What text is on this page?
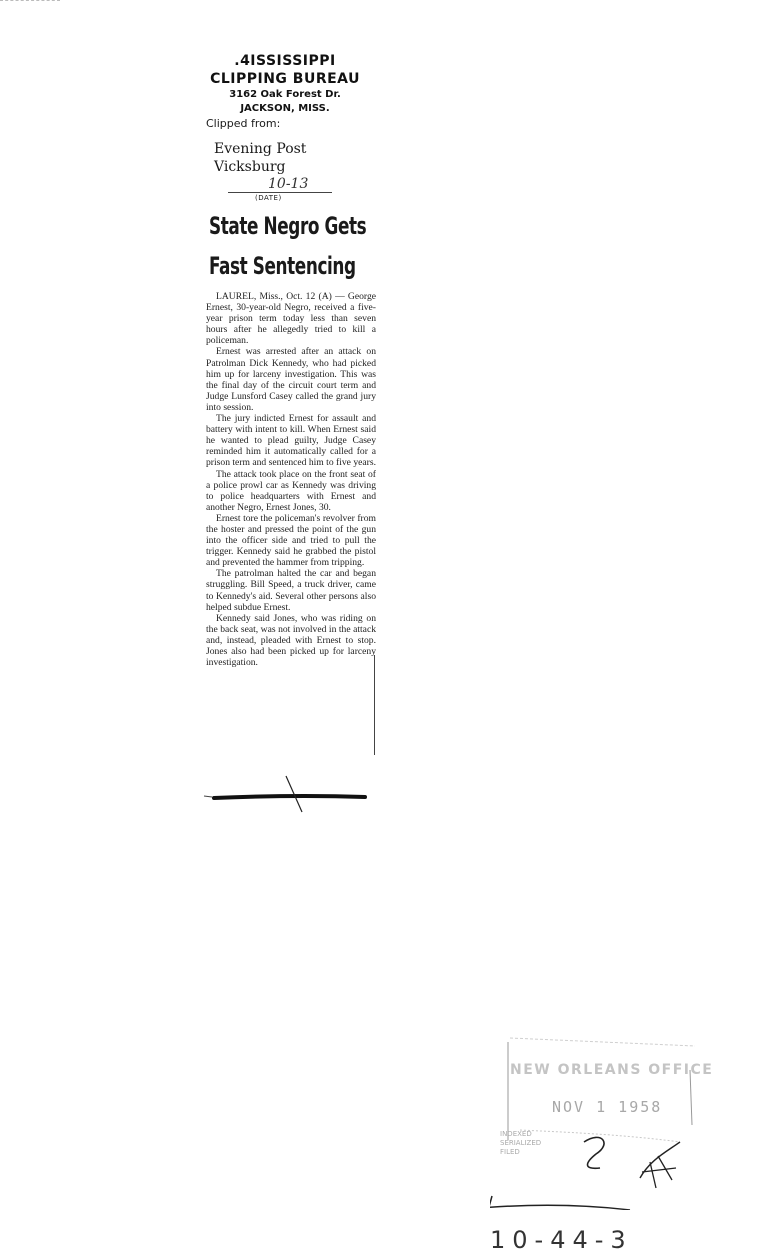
.4ISSISSIPPI
CLIPPING BUREAU
3162 Oak Forest Dr.
JACKSON, MISS.
Clipped from:
Evening Post
Vicksburg
10-13
(DATE)
State Negro Gets
Fast Sentencing

LAUREL, Miss., Oct. 12 (A) — George Ernest, 30-year-old Negro, received a five-year prison term today less than seven hours after he allegedly tried to kill a policeman.

Ernest was arrested after an attack on Patrolman Dick Kennedy, who had picked him up for larceny investigation. This was the final day of the circuit court term and Judge Lunsford Casey called the grand jury into session.

The jury indicted Ernest for assault and battery with intent to kill. When Ernest said he wanted to plead guilty, Judge Casey reminded him it automatically called for a prison term and sentenced him to five years.

The attack took place on the front seat of a police prowl car as Kennedy was driving to police headquarters with Ernest and another Negro, Ernest Jones, 30.

Ernest tore the policeman's revolver from the hoster and pressed the point of the gun into the officer side and tried to pull the trigger. Kennedy said he grabbed the pistol and prevented the hammer from tripping.

The patrolman halted the car and began struggling. Bill Speed, a truck driver, came to Kennedy's aid. Several other persons also helped subdue Ernest.

Kennedy said Jones, who was riding on the back seat, was not involved in the attack and, instead, pleaded with Ernest to stop. Jones also had been picked up for larceny investigation.

NEW ORLEANS OFFICE
NOV 1 1958
INDEXED
SERIALIZED
FILED
10-44-3
